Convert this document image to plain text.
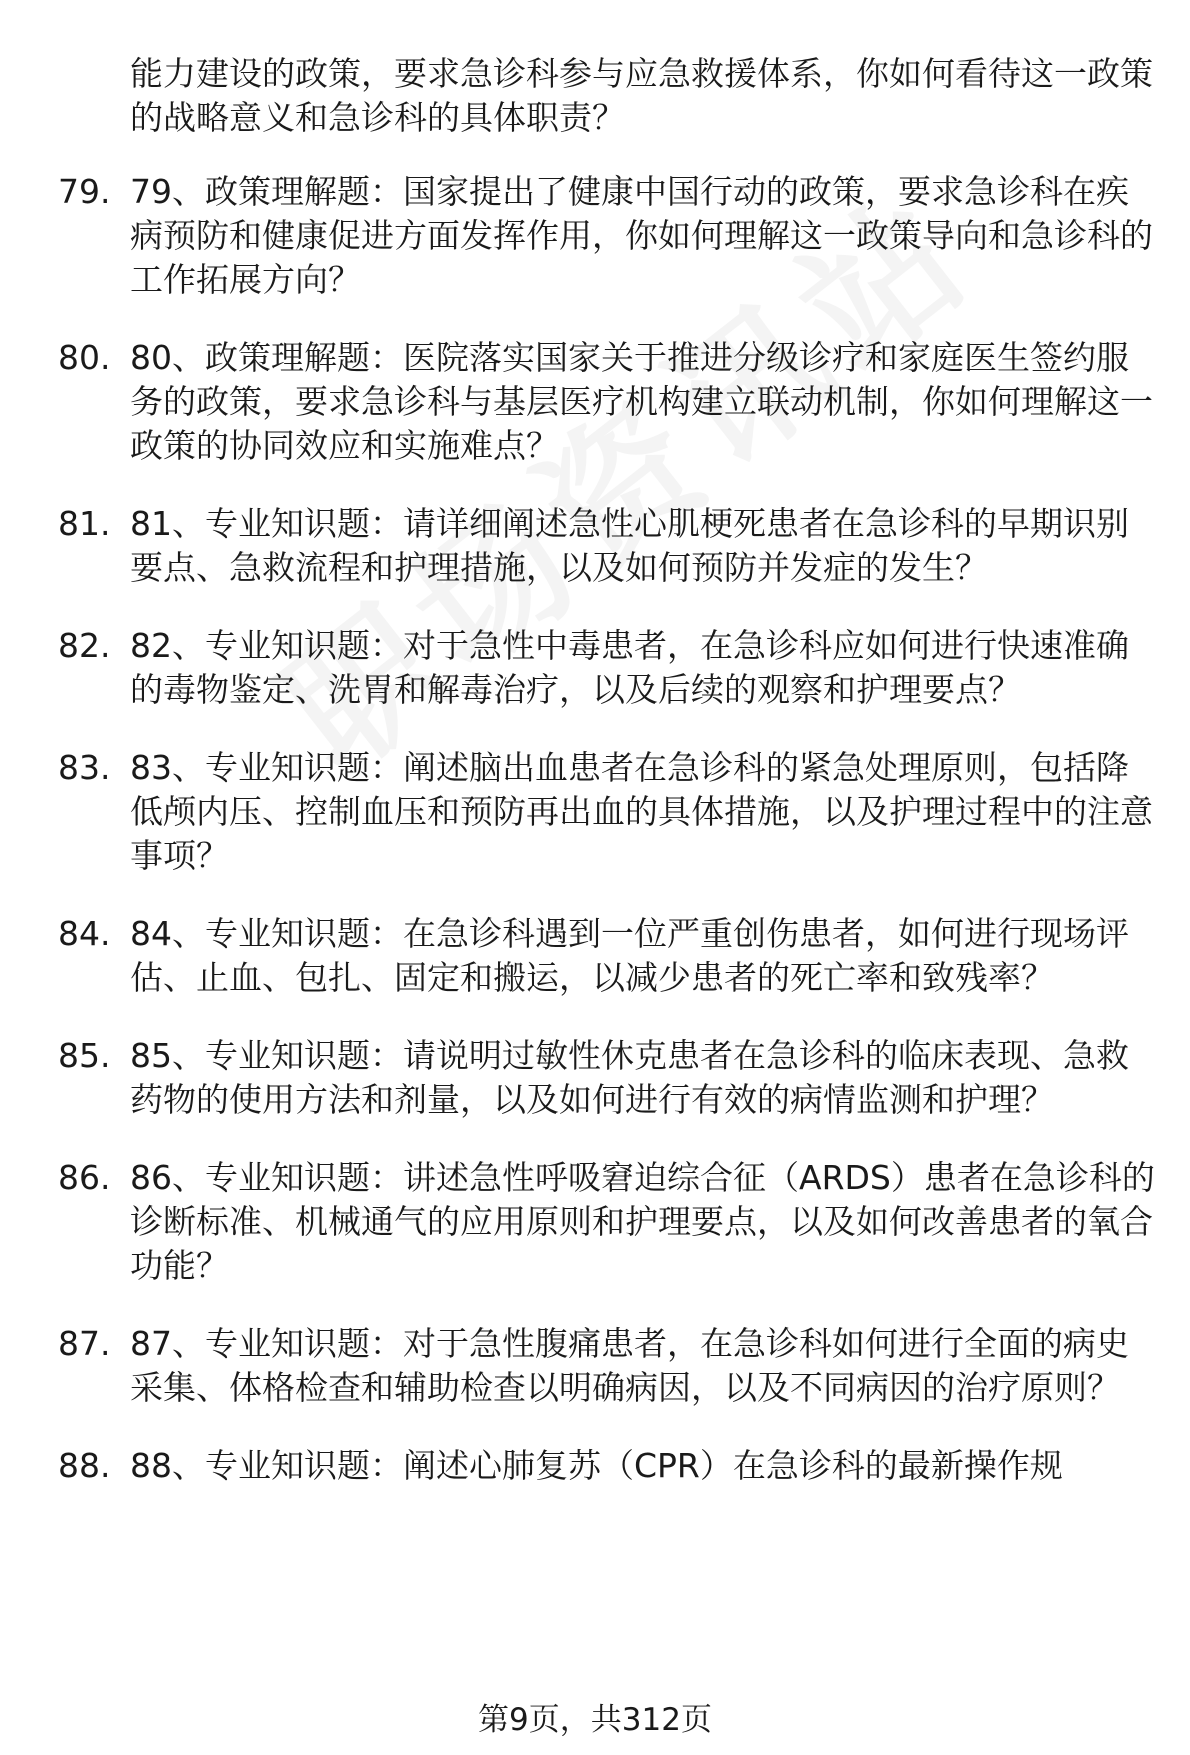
能力建设的政策，要求急诊科参与应急救援体系，你如何看待这一政策的战略意义和急诊科的具体职责？
79. 79、政策理解题：国家提出了健康中国行动的政策，要求急诊科在疾病预防和健康促进方面发挥作用，你如何理解这一政策导向和急诊科的工作拓展方向？
80. 80、政策理解题：医院落实国家关于推进分级诊疗和家庭医生签约服务的政策，要求急诊科与基层医疗机构建立联动机制，你如何理解这一政策的协同效应和实施难点？
81. 81、专业知识题：请详细阐述急性心肌梗死患者在急诊科的早期识别要点、急救流程和护理措施，以及如何预防并发症的发生？
82. 82、专业知识题：对于急性中毒患者，在急诊科应如何进行快速准确的毒物鉴定、洗胃和解毒治疗，以及后续的观察和护理要点？
83. 83、专业知识题：阐述脑出血患者在急诊科的紧急处理原则，包括降低颅内压、控制血压和预防再出血的具体措施，以及护理过程中的注意事项？
84. 84、专业知识题：在急诊科遇到一位严重创伤患者，如何进行现场评估、止血、包扎、固定和搬运，以减少患者的死亡率和致残率？
85. 85、专业知识题：请说明过敏性休克患者在急诊科的临床表现、急救药物的使用方法和剂量，以及如何进行有效的病情监测和护理？
86. 86、专业知识题：讲述急性呼吸窘迫综合征（ARDS）患者在急诊科的诊断标准、机械通气的应用原则和护理要点，以及如何改善患者的氧合功能？
87. 87、专业知识题：对于急性腹痛患者，在急诊科如何进行全面的病史采集、体格检查和辅助检查以明确病因，以及不同病因的治疗原则？
88. 88、专业知识题：阐述心肺复苏（CPR）在急诊科的最新操作规
第9页，共312页
